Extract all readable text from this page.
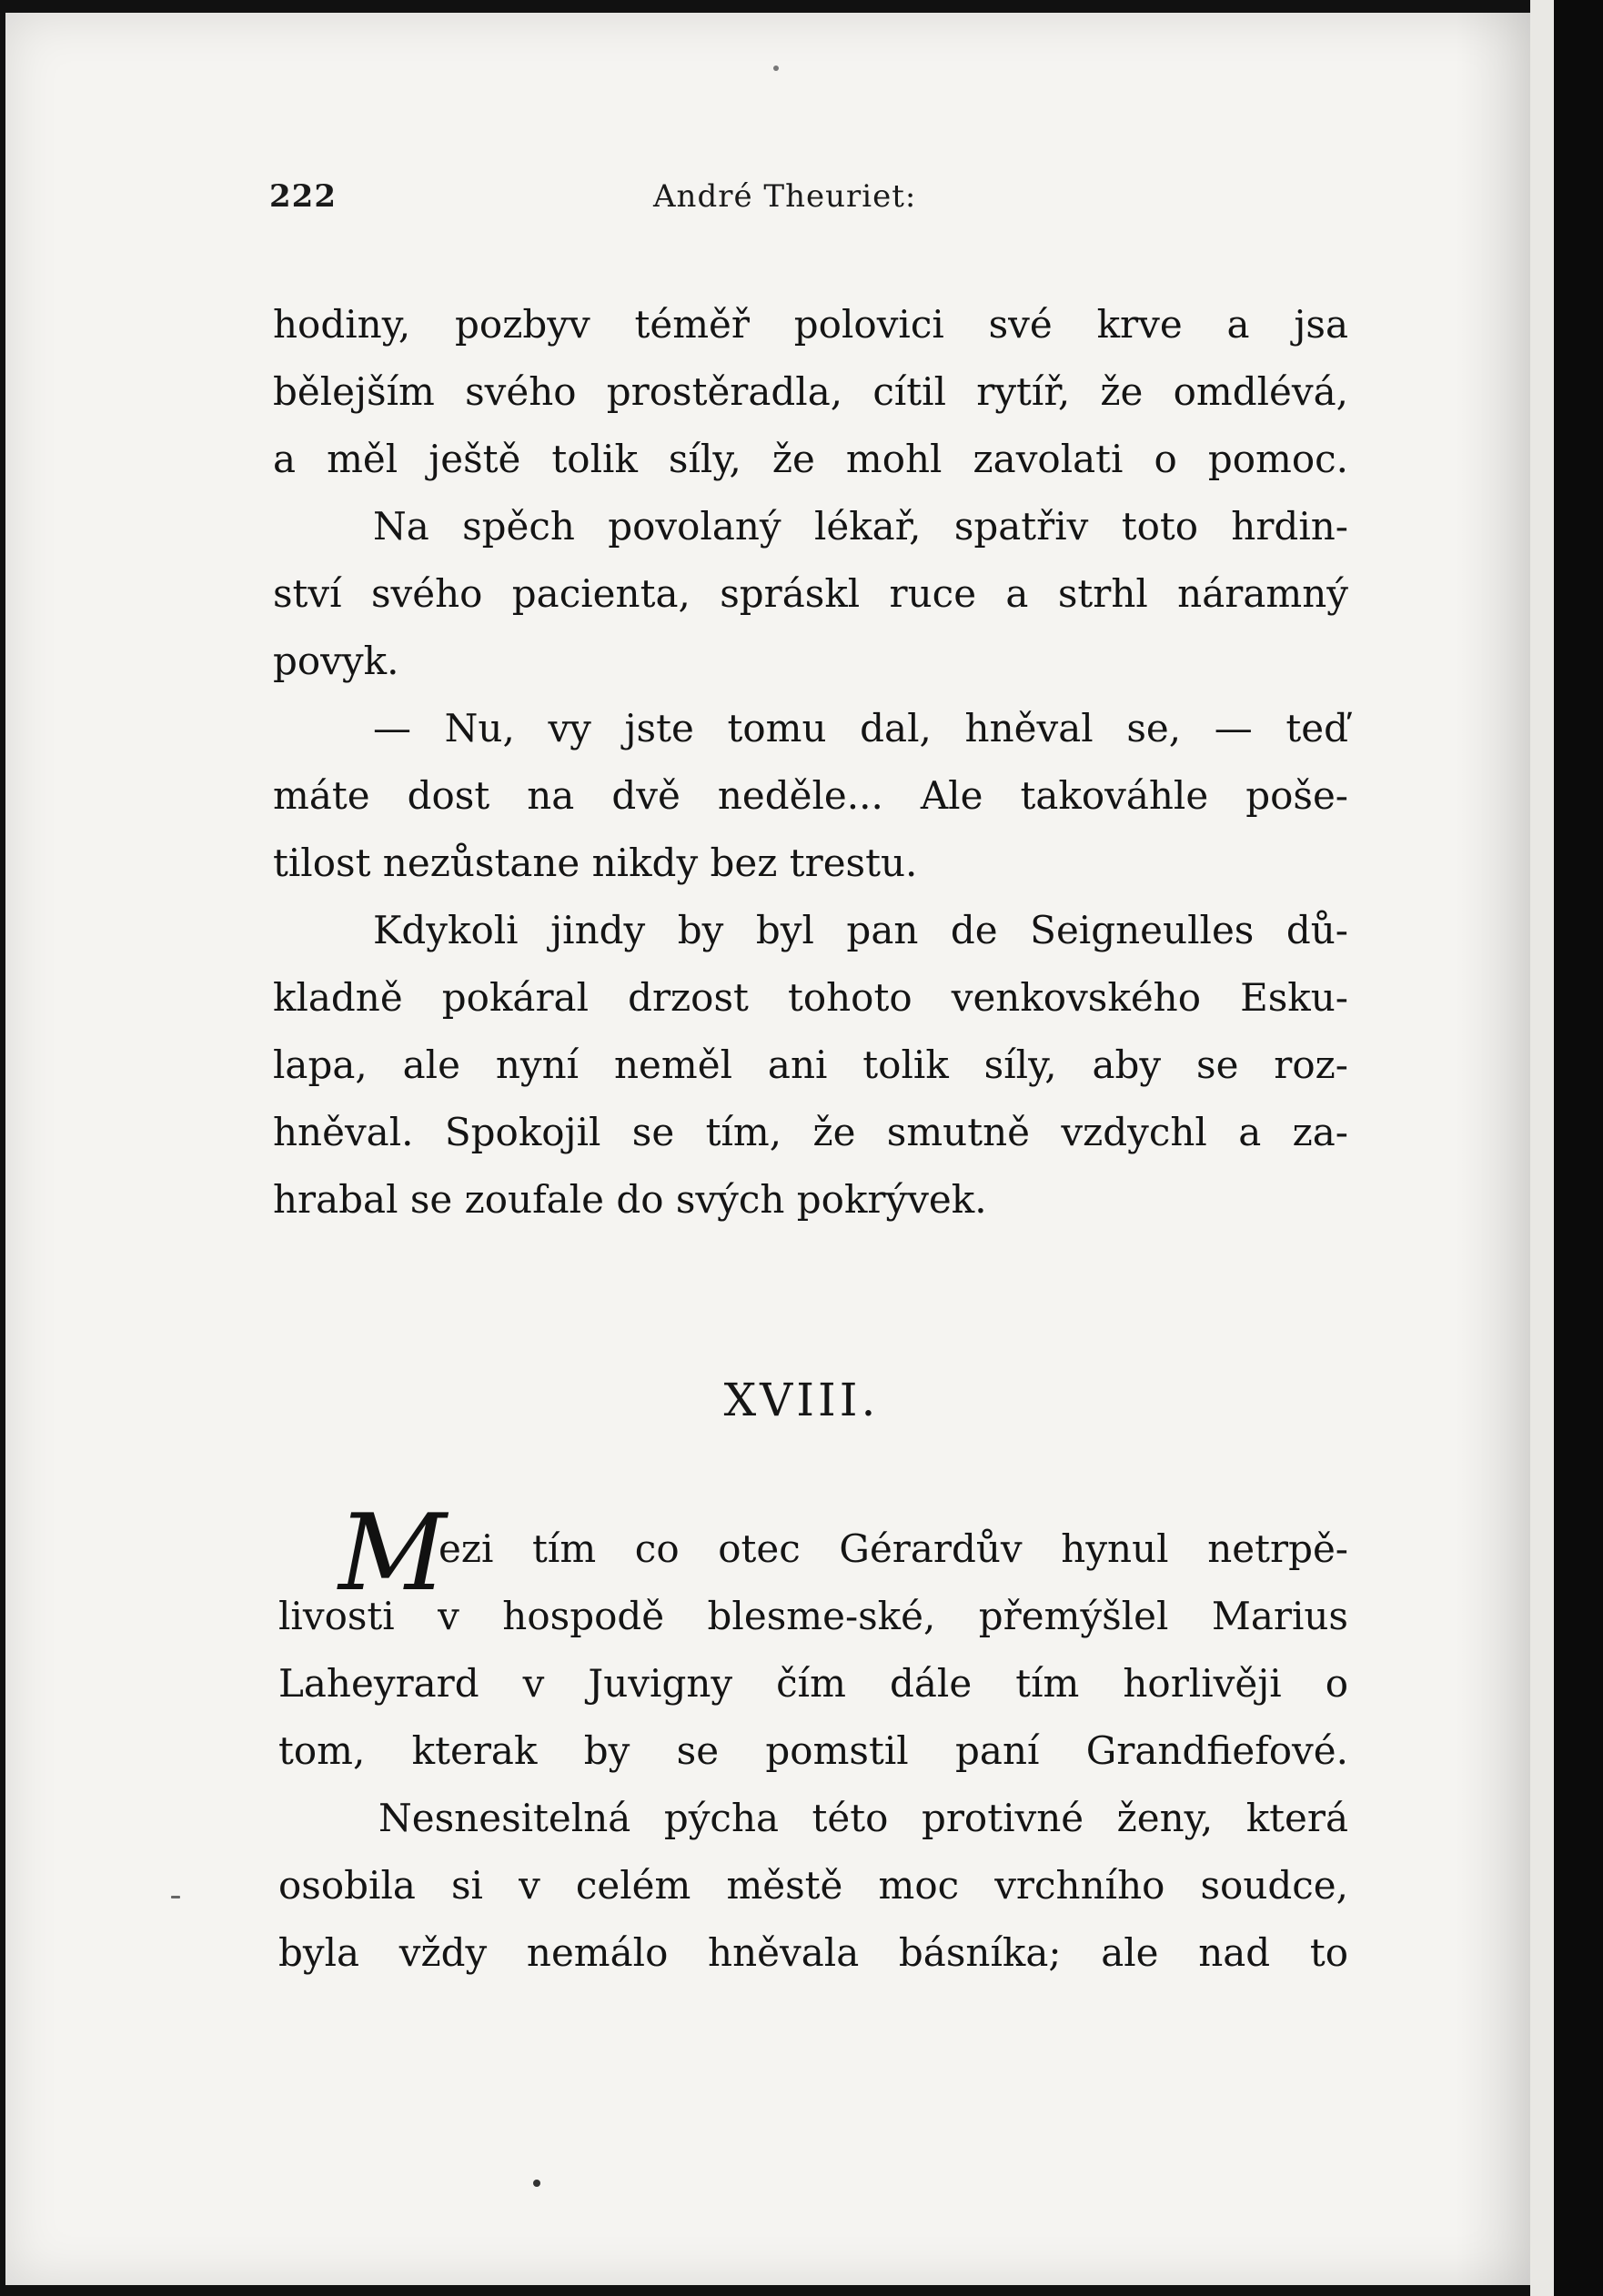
222	André Theuriet:
hodiny, pozbyv téměř polovici své krve a jsa
bělejším svého prostěradla, cítil rytíř, že omdlévá,
a měl ještě tolik síly, že mohl zavolati o pomoc.
Na spěch povolaný lékař, spatřiv toto hrdin-
ství svého pacienta, spráskl ruce a strhl náramný
povyk.
— Nu, vy jste tomu dal, hněval se, — teď
máte dost na dvě neděle... Ale takováhle poše-
tilost nezůstane nikdy bez trestu.
Kdykoli jindy by byl pan de Seigneulles dů-
kladně pokáral drzost tohoto venkovského Esku-
lapa, ale nyní neměl ani tolik síly, aby se roz-
hněval. Spokojil se tím, že smutně vzdychl a za-
hrabal se zoufale do svých pokrývek.
XVIII.
M
ezi tím co otec Gérardův hynul netrpě-
livosti v hospodě blesme-ské, přemýšlel Marius
Laheyrard v Juvigny čím dále tím horlivěji o
tom, kterak by se pomstil paní Grandfiefové.
Nesnesitelná pýcha této protivné ženy, která
osobila si v celém městě moc vrchního soudce,
byla vždy nemálo hněvala básníka; ale nad to
